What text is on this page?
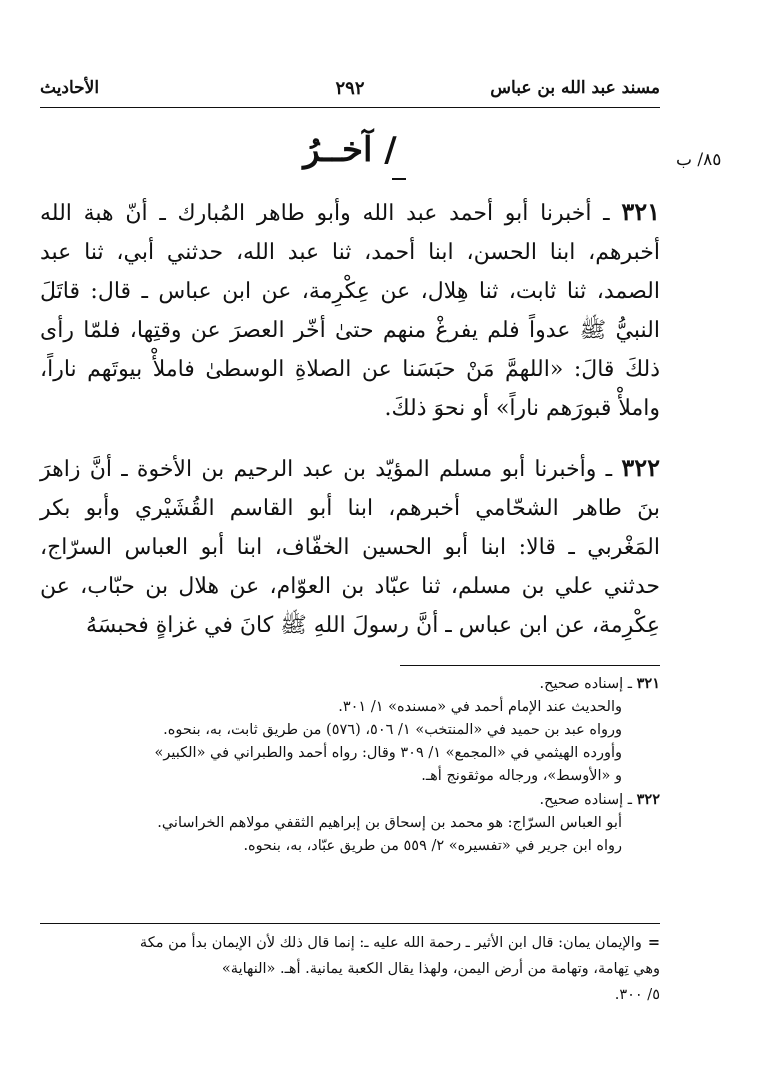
مسند عبد الله بن عباس
٢٩٢
الأحاديث
٨٥/ ب
/ آخــرُ

٣٢١ ـ أخبرنا أبو أحمد عبد الله وأبو طاهر المُبارك ـ أنّ هبة الله أخبرهم، ابنا الحسن، ابنا أحمد، ثنا عبد الله، حدثني أبي، ثنا عبد الصمد، ثنا ثابت، ثنا هِلال، عن عِكْرِمة، عن ابن عباس ـ قال: قاتَلَ النبيُّ ﷺ عدواً فلم يفرغْ منهم حتىٰ أخّر العصرَ عن وقتِها، فلمّا رأى ذلكَ قالَ: «اللهمَّ مَنْ حبَسَنا عن الصلاةِ الوسطىٰ فاملأْ بيوتَهم ناراً، واملأْ قبورَهم ناراً» أو نحوَ ذلكَ.

٣٢٢ ـ وأخبرنا أبو مسلم المؤيّد بن عبد الرحيم بن الأخوة ـ أنَّ زاهرَ بنَ طاهر الشحّامي أخبرهم، ابنا أبو القاسم القُشَيْري وأبو بكر المَغْربي ـ قالا: ابنا أبو الحسين الخفّاف، ابنا أبو العباس السرّاج، حدثني علي بن مسلم، ثنا عبّاد بن العوّام، عن هلال بن حبّاب، عن عِكْرِمة، عن ابن عباس ـ أنَّ رسولَ اللهِ ﷺ كانَ في غزاةٍ فحبسَهُ

٣٢١ ـ إسناده صحيح.

والحديث عند الإمام أحمد في «مسنده» ١/ ٣٠١.

ورواه عبد بن حميد في «المنتخب» ١/ ٥٠٦، (٥٧٦) من طريق ثابت، به، بنحوه.

وأورده الهيثمي في «المجمع» ١/ ٣٠٩ وقال: رواه أحمد والطبراني في «الكبير»

و «الأوسط»، ورجاله موثقونج أهـ.

٣٢٢ ـ إسناده صحيح.

أبو العباس السرّاج: هو محمد بن إسحاق بن إبراهيم الثقفي مولاهم الخراساني.

رواه ابن جرير في «تفسيره» ٢/ ٥٥٩ من طريق عبّاد، به، بنحوه.

=والإيمان يمان: قال ابن الأثير ـ رحمة الله عليه ـ: إنما قال ذلك لأن الإيمان بدأ من مكة

وهي تِهامة، وتهامة من أرض اليمن، ولهذا يقال الكعبة يمانية. أهـ. «النهاية»

٥/ ٣٠٠.
